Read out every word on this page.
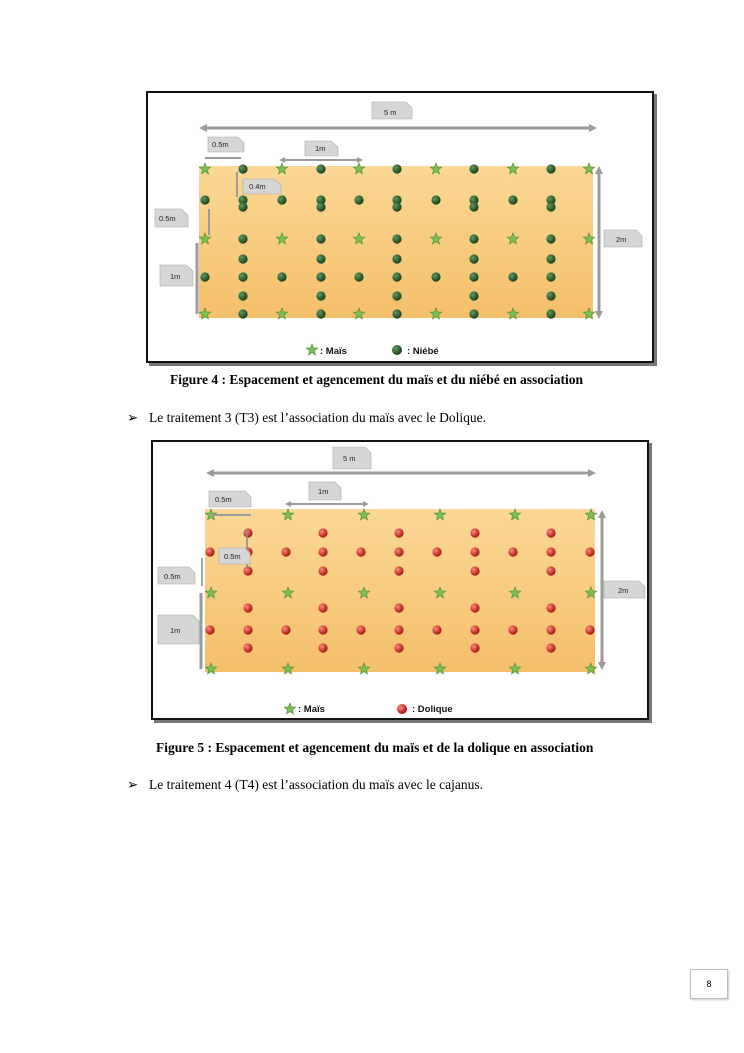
5 m
0.5m	1m
0.4m
0.5m
1m
2m
: Maïs	: Niébé
Figure 4 : Espacement et agencement du maïs et du niébé en association
➢ Le traitement 3 (T3) est l’association du maïs avec le Dolique.
5 m
0.5m
1m
0.5m
0.5m
1m
2m
: Maïs	: Dolique
Figure 5 : Espacement et agencement du maïs et de la dolique en association
➢ Le traitement 4 (T4) est l’association du maïs avec le cajanus.
8
